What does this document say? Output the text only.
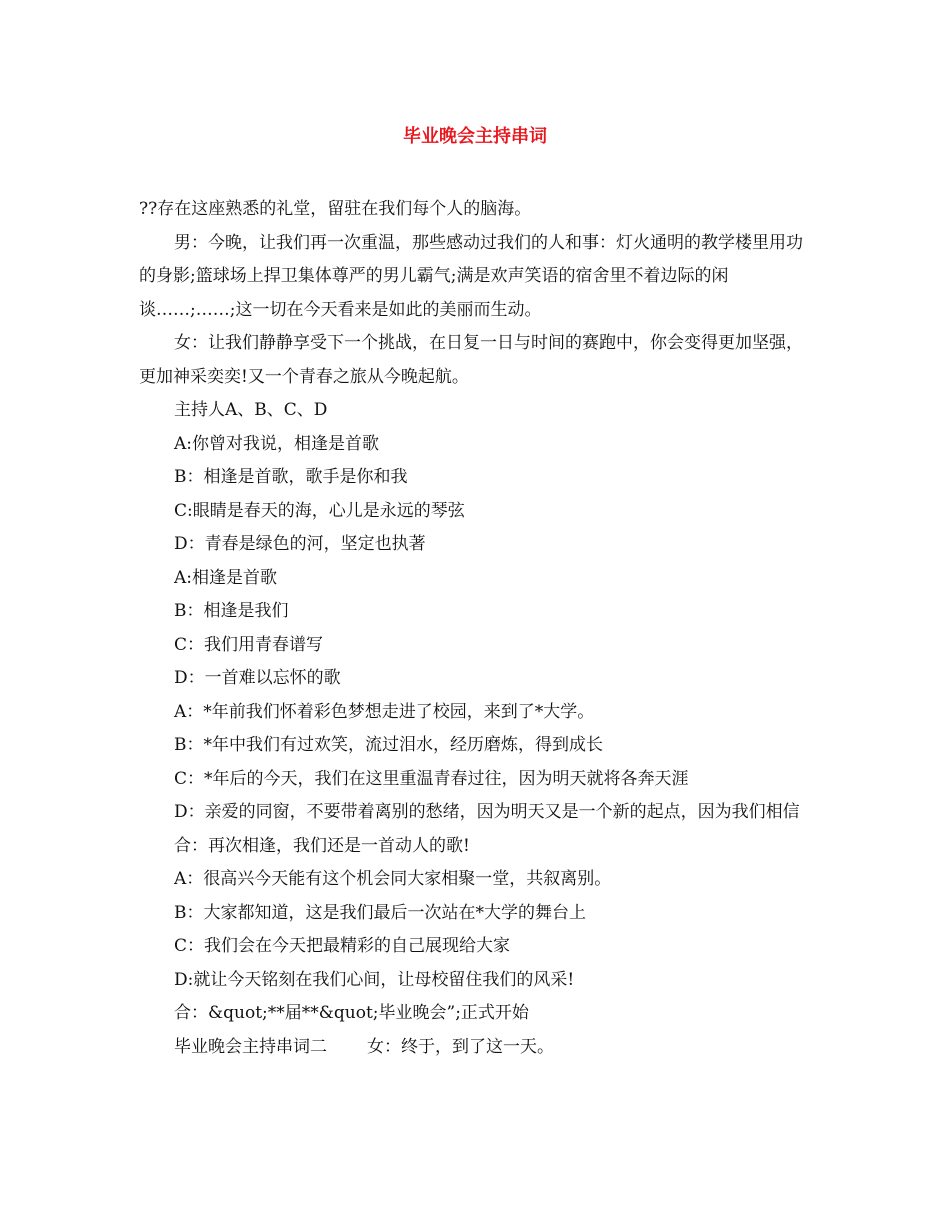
毕业晚会主持串词

??存在这座熟悉的礼堂，留驻在我们每个人的脑海。

男：今晚，让我们再一次重温，那些感动过我们的人和事：灯火通明的教学楼里用功的身影;篮球场上捍卫集体尊严的男儿霸气;满是欢声笑语的宿舍里不着边际的闲谈……;……;这一切在今天看来是如此的美丽而生动。

女：让我们静静享受下一个挑战，在日复一日与时间的赛跑中，你会变得更加坚强，更加神采奕奕!又一个青春之旅从今晚起航。

主持人A、B、C、D

A:你曾对我说，相逢是首歌

B：相逢是首歌，歌手是你和我

C:眼睛是春天的海，心儿是永远的琴弦

D：青春是绿色的河，坚定也执著

A:相逢是首歌

B：相逢是我们

C：我们用青春谱写

D：一首难以忘怀的歌

A：*年前我们怀着彩色梦想走进了校园，来到了*大学。

B：*年中我们有过欢笑，流过泪水，经历磨炼，得到成长

C：*年后的今天，我们在这里重温青春过往，因为明天就将各奔天涯

D：亲爱的同窗，不要带着离别的愁绪，因为明天又是一个新的起点，因为我们相信

合：再次相逢，我们还是一首动人的歌!

A：很高兴今天能有这个机会同大家相聚一堂，共叙离别。

B：大家都知道，这是我们最后一次站在*大学的舞台上

C：我们会在今天把最精彩的自己展现给大家

D:就让今天铭刻在我们心间，让母校留住我们的风采!

合：&quot;**届**&quot;毕业晚会”;正式开始

毕业晚会主持串词二 女：终于，到了这一天。
